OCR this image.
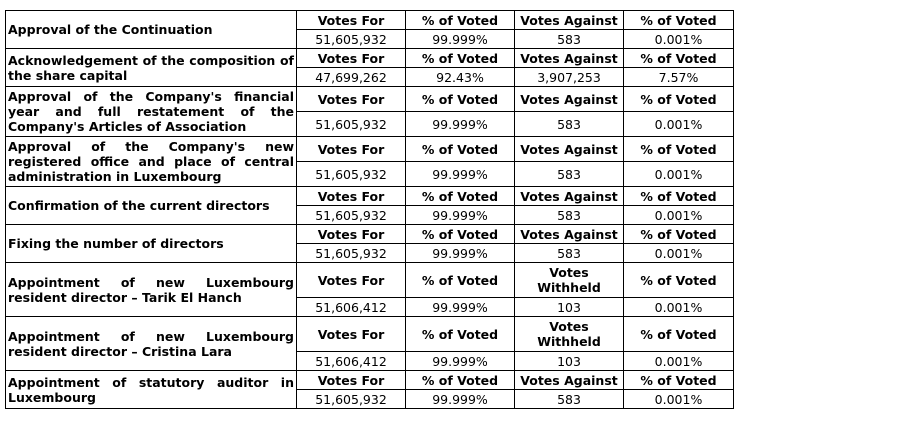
Approval of the Continuation	Votes For	% of Voted	Votes Against	% of Voted
	51,605,932	99.999%	583	0.001%
Acknowledgement of the composition of the share capital	Votes For	% of Voted	Votes Against	% of Voted
	47,699,262	92.43%	3,907,253	7.57%
Approval of the Company's financial year and full restatement of the Company's Articles of Association	Votes For	% of Voted	Votes Against	% of Voted
	51,605,932	99.999%	583	0.001%
Approval of the Company's new registered office and place of central administration in Luxembourg	Votes For	% of Voted	Votes Against	% of Voted
	51,605,932	99.999%	583	0.001%
Confirmation of the current directors	Votes For	% of Voted	Votes Against	% of Voted
	51,605,932	99.999%	583	0.001%
Fixing the number of directors	Votes For	% of Voted	Votes Against	% of Voted
	51,605,932	99.999%	583	0.001%
Appointment of new Luxembourg resident director – Tarik El Hanch	Votes For	% of Voted	Votes Withheld	% of Voted
	51,606,412	99.999%	103	0.001%
Appointment of new Luxembourg resident director – Cristina Lara	Votes For	% of Voted	Votes Withheld	% of Voted
	51,606,412	99.999%	103	0.001%
Appointment of statutory auditor in Luxembourg	Votes For	% of Voted	Votes Against	% of Voted
	51,605,932	99.999%	583	0.001%
